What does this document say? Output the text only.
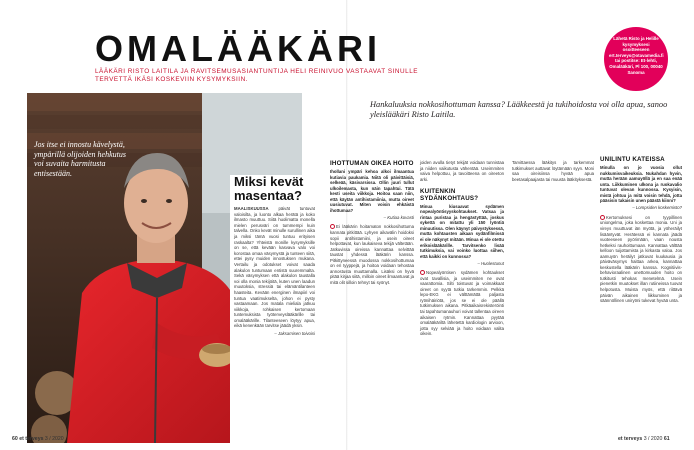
OMALÄÄKÄRI
LÄÄKÄRI RISTO LAITILA JA RAVITSEMUSASIANTUNTIJA HELI REINIVUO VASTAAVAT SINULLE TERVETTÄ IKÄSI KOSKEVIIN KYSYMYKSIIN.
Lähetä Risto ja Helille kysymyksesi osoitteeseen ert.terveys@otavamedia.fi tai postitse: Et-lehti, Omalääkäri, Pl 100, 00040 Sanoma
Jos itse ei innostu kävelystä, ympärillä olijoiden hehkutus voi suvaita harmitusta entisestään.
KUVA KRISTIINA SEPPÄNEN
Miksi kevät masentaa?
MAALISKUUSSA päivät tuntuvat valoisilta, ja luonto alkaa herätä ja koko ilmasto muuttuu. Siitä huolimatta monella mielen perusväri on tummempi kuin talvella. Onko kevät minulle surullinen aika ja miksi tämä vuosi tuntuu erityisen raskaalta? Yhteistä monille kysymyksille on se, että kevään kasvava valo voi korostaa omaa väsymystä ja tunteen siitä, ettei pysy muiden innostuksen mukana. Vertailu ja odotukset voivat saada alakulon tuntumaan entistä suuremmalta. Sekä väsymyksen että alakulon taustalla voi olla monia tekijöitä, kuten unen laadun muutoksia, stressiä tai elämäntilanteen haasteita. Kevään energinen ilmapiiri voi tuntua vaatimukselta, johon ei pysty vastaamaan. Jos matala mieliala jatkuu viikkoja, rohkaisen kertomaan tuntemuksista työterveyslääkärille tai omalääkärille. Tilanteeseen löytyy apua, eikä kenenkään tarvitse jäädä yksin.
– Jaksamisen toivoisi
Hankaluuksia nokkosihottuman kanssa? Lääkkeestä ja tukihoidosta voi olla apua, sanoo yleislääkäri Risto Laitila.
IHOTTUMAN OIKEA HOITO

Ihollani ympäri kehoa alkoi ilmaantua kutiavia paukamia. Niitä oli päivittäisiä, selkeää, käsivarsissa. Ollin juuri tullut ulkoilemasta, kun näin tapahtui. Tätä kesti useita viikkoja. Hoitoa saan niin, että käytän antihistamiinia, mutta oireet uusiutuvat. Miten voisin ehkäistä ihottumaa?

– Kutiaa kovasti

Ei lääkärin hoitamaton nokkosihottuma kannata pitkittää. Lyhyen aikavälin hoidoksi sopii antihistamiini, ja usein oireet helpottavat, kun laukaiseva tekijä vältetään. Jatkuvissa oireissa kannattaa selvittää taustat yhdessä lääkärin kanssa. Pitkittyneessä muodossa nokkosihottumaa on eri tyyppejä, ja hoitoa voidaan tehostaa annostusta muuttamalla. Lisäksi on hyvä pitää kirjaa siitä, milloin oireet ilmaantuvat ja mitä olit silloin tehnyt tai syönyt.

joiden avulla tietyt tekijät voidaan tunnistaa ja niiden vaikutusta vähentää. Useimmiten vaiva helpottuu, ja tavoitteena on oireeton arki.

KUITENKIN SYDÄNKOHTAUS?

Minua kiusaavat sydämen nopealyöntisyyskohtaukset. Vatsaa ja rintaa puristaa ja hengästyttää, joskus sykettä on mitattu yli 150 lyöntiä minuutissa. Olen käynyt päivystyksessä, mutta kohtausten aikaan sydänfilmissä ei ole näkynyt mitään. Minua ei ole otettu erikoislääkärille. Tarvitsenko lisää tutkimuksia, vai voinko luottaa siihen, että kaikki on kunnossa?

– Huolestunut

Nopealyöntisen sydämen kohtaukset ovat tavallisia, ja useimmiten ne ovat vaarattomia. Silti toistuvat ja voimakkaat oireet on syytä tutkia tarkemmin. Pelkkä lepo-EKG ei välttämättä paljasta rytmihäiriötä, jos se ei ole päällä tutkimuksen aikana. Pitkäaikaisrekisteröinti tai tapahtumanauhuri voivat tallentaa oireen aikaisen rytmin. Kannattaa pyytää omalääkäriltä lähetettä kardiologin arvioon, jotta syy selviää ja hoito voidaan valita oikein.

Tarvittaessa lääkitys ja tarkemmat tutkimukset auttavat löytämään syyn. Moni saa oireisiinsa hyvää apua beetasalpaajasta tai muusta lääkityksestä.

UNILINTU KATEISSA

Minulla on jo vuosia ollut nukkumisvaikeuksia. Nukahdan hyvin, mutta herään aamuyöllä ja en saa enää unta. Liikkuminen ulkona ja ruokavalio tuntuvat olevan kunnossa. Kysyisin, mistä johtuu ja mitä voisin tehdä, jotta pääsisin takaisin unen päästä kiinni?

– Lompsiden koskemisto?

Kertomuksesi on tyypillinen uniongelma, joka koskettaa monia. Uni ja vireys muuttuvat iän myötä, ja yöheräilyt lisääntyvät. Herätessä ei kannata jäädä vuoteeseen pyörimään, vaan nousta hetkeksi rauhoittumaan. Kannattaa välttää kelloon tuijottamista ja kirkasta valoa. Jos aamuyön heräilyt jatkuvat kuukausia ja päiväväsymys haittaa arkea, kannattaa keskustella lääkärin kanssa. Kognitiivis-behavioraalinen unettomuuden hoito on tutkitusti tehokas menetelmä. Usein pienetkin muutokset illan rutiineissa tuovat helpotusta. Muista myös, että riittävä päivän aikainen liikkuminen ja säännöllinen unirytmi tukevat hyvää unta.

60 et terveys 3 / 2020	et terveys 3 / 2020 61
